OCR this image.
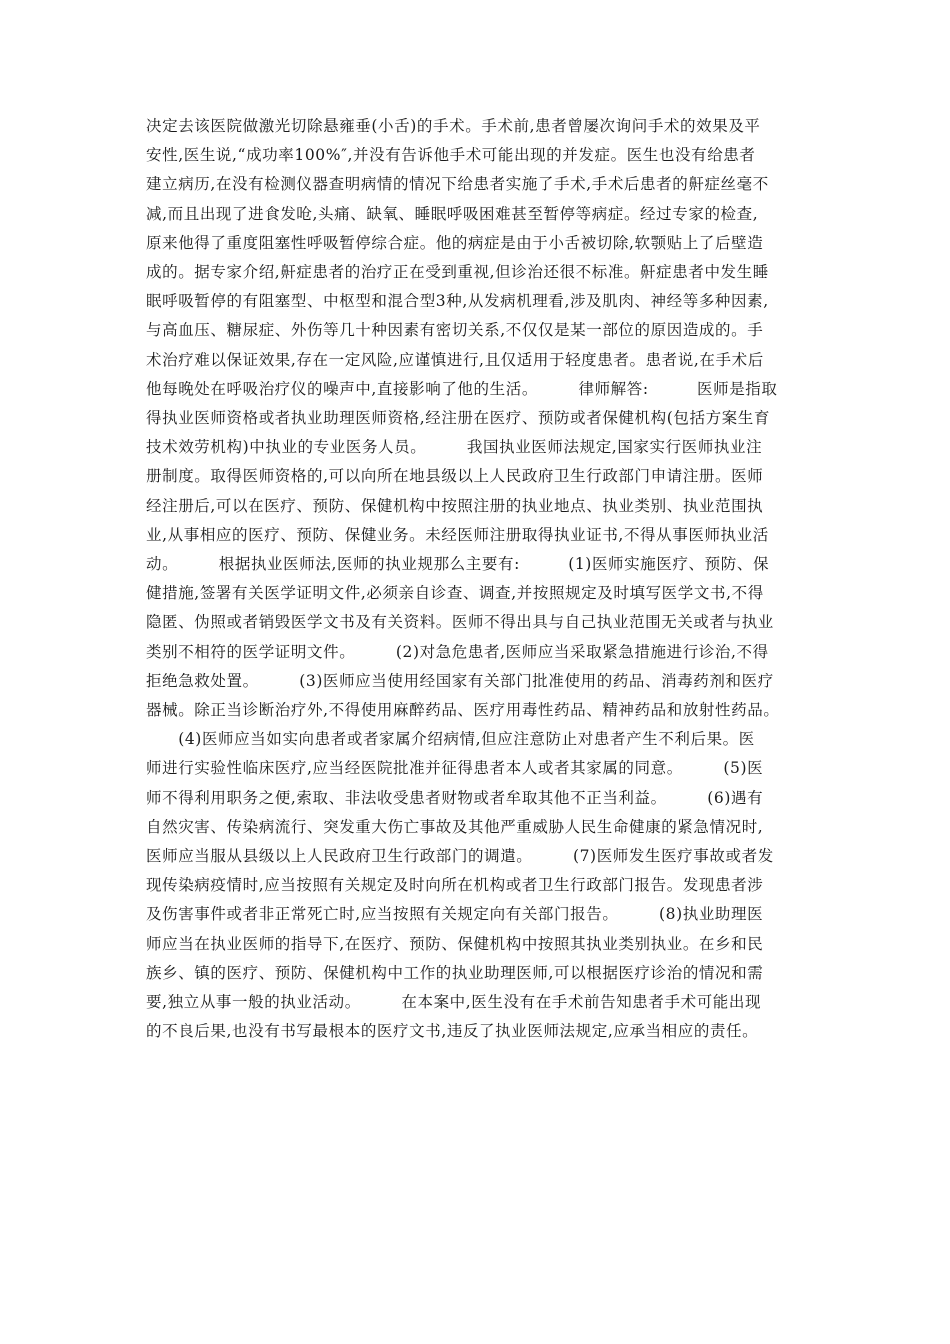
决定去该医院做激光切除悬雍垂(小舌)的手术。手术前,患者曾屡次询问手术的效果及平
安性,医生说,“成功率100%″,并没有告诉他手术可能出现的并发症。医生也没有给患者
建立病历,在没有检测仪器查明病情的情况下给患者实施了手术,手术后患者的鼾症丝毫不
减,而且出现了进食发呛,头痛、缺氧、睡眠呼吸困难甚至暂停等病症。经过专家的检查,
原来他得了重度阻塞性呼吸暂停综合症。他的病症是由于小舌被切除,软颚贴上了后壁造
成的。据专家介绍,鼾症患者的治疗正在受到重视,但诊治还很不标准。鼾症患者中发生睡
眠呼吸暂停的有阻塞型、中枢型和混合型3种,从发病机理看,涉及肌肉、神经等多种因素,
与高血压、糖尿症、外伤等几十种因素有密切关系,不仅仅是某一部位的原因造成的。手
术治疗难以保证效果,存在一定风险,应谨慎进行,且仅适用于轻度患者。患者说,在手术后
他每晚处在呼吸治疗仪的噪声中,直接影响了他的生活。　　　律师解答:　　　医师是指取
得执业医师资格或者执业助理医师资格,经注册在医疗、预防或者保健机构(包括方案生育
技术效劳机构)中执业的专业医务人员。　　　我国执业医师法规定,国家实行医师执业注
册制度。取得医师资格的,可以向所在地县级以上人民政府卫生行政部门申请注册。医师
经注册后,可以在医疗、预防、保健机构中按照注册的执业地点、执业类别、执业范围执
业,从事相应的医疗、预防、保健业务。未经医师注册取得执业证书,不得从事医师执业活
动。　　　根据执业医师法,医师的执业规那么主要有:　　　(1)医师实施医疗、预防、保
健措施,签署有关医学证明文件,必须亲自诊查、调查,并按照规定及时填写医学文书,不得
隐匿、伪照或者销毁医学文书及有关资料。医师不得出具与自己执业范围无关或者与执业
类别不相符的医学证明文件。　　　(2)对急危患者,医师应当采取紧急措施进行诊治,不得
拒绝急救处置。　　　(3)医师应当使用经国家有关部门批准使用的药品、消毒药剂和医疗
器械。除正当诊断治疗外,不得使用麻醉药品、医疗用毒性药品、精神药品和放射性药品。
　　(4)医师应当如实向患者或者家属介绍病情,但应注意防止对患者产生不利后果。医
师进行实验性临床医疗,应当经医院批准并征得患者本人或者其家属的同意。　　　(5)医
师不得利用职务之便,索取、非法收受患者财物或者牟取其他不正当利益。　　　(6)遇有
自然灾害、传染病流行、突发重大伤亡事故及其他严重威胁人民生命健康的紧急情况时,
医师应当服从县级以上人民政府卫生行政部门的调遣。　　　(7)医师发生医疗事故或者发
现传染病疫情时,应当按照有关规定及时向所在机构或者卫生行政部门报告。发现患者涉
及伤害事件或者非正常死亡时,应当按照有关规定向有关部门报告。　　　(8)执业助理医
师应当在执业医师的指导下,在医疗、预防、保健机构中按照其执业类别执业。在乡和民
族乡、镇的医疗、预防、保健机构中工作的执业助理医师,可以根据医疗诊治的情况和需
要,独立从事一般的执业活动。　　　在本案中,医生没有在手术前告知患者手术可能出现
的不良后果,也没有书写最根本的医疗文书,违反了执业医师法规定,应承当相应的责任。
